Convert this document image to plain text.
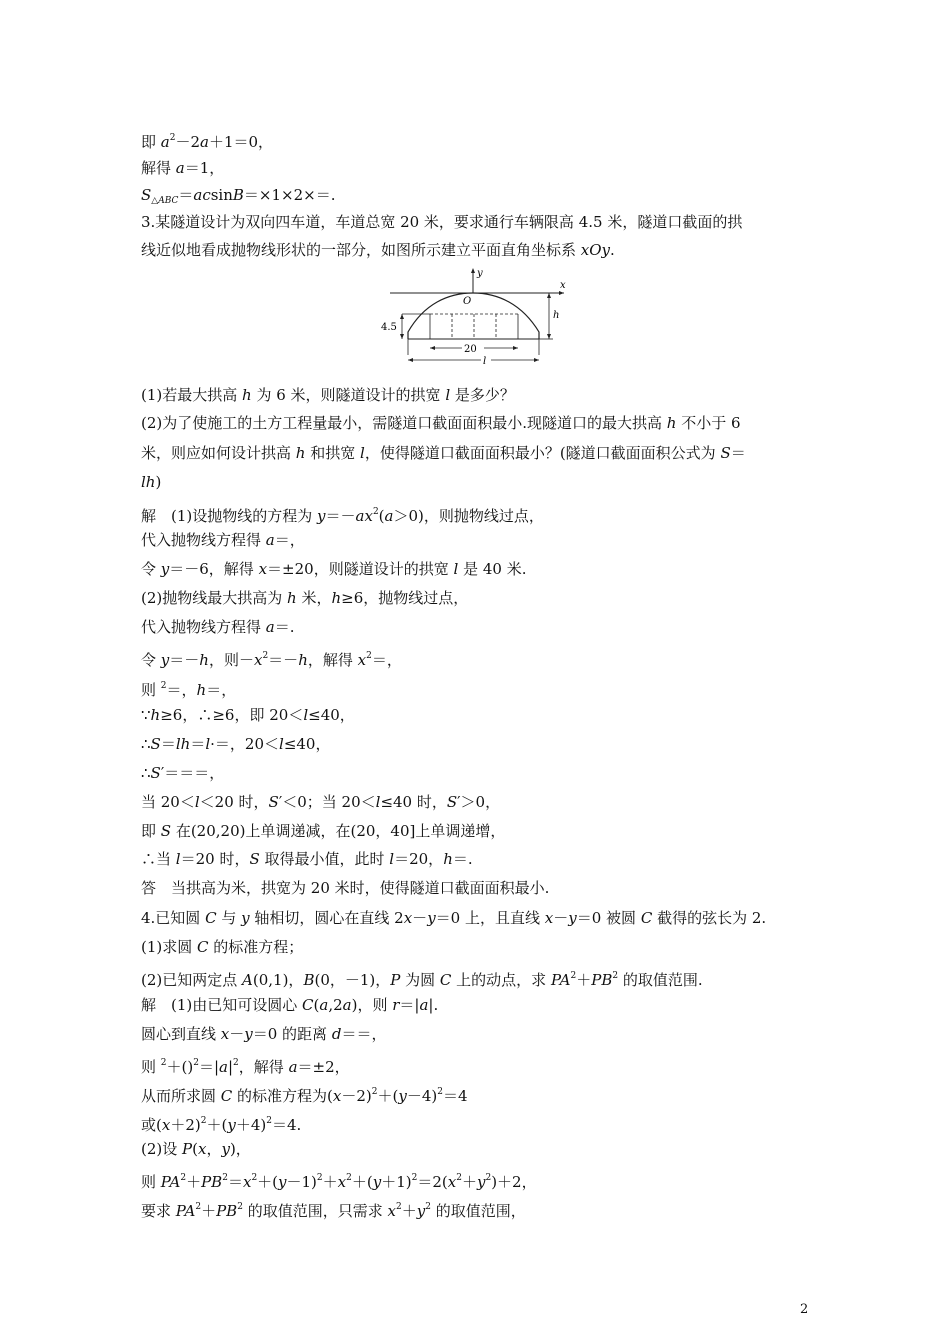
即 $a^2-2a+1=0$，
解得 a＝1，
$S_{\triangle ABC}=acsinB=\times 1\times 2\times=$.
3.某隧道设计为双向四车道，车道总宽 20 米，要求通行车辆限高 4.5 米，隧道口截面的拱
线近似地看成抛物线形状的一部分，如图所示建立平面直角坐标系 xOy.
y
x
O
4.5
h
20
l
(1)若最大拱高 h 为 6 米，则隧道设计的拱宽 l 是多少？
(2)为了使施工的土方工程量最小，需隧道口截面面积最小.现隧道口的最大拱高 h 不小于 6
米，则应如何设计拱高 h 和拱宽 l，使得隧道口截面面积最小？(隧道口截面面积公式为 S＝
lh)
解　(1)设抛物线的方程为 $y=-ax^2(a>0)$，则抛物线过点，
代入抛物线方程得 a＝，
令 y＝－6，解得 x＝±20，则隧道设计的拱宽 l 是 40 米.
(2)抛物线最大拱高为 h 米，h≥6，抛物线过点，
代入抛物线方程得 a＝.
令 y＝－h，则$-x^2=-h$，解得 $x^2=$，
则 $^2$＝，h＝，
∵h≥6，∴≥6，即 20＜l≤40，
∴S＝lh＝l·＝，20＜l≤40，
∴S′＝＝＝，
当 20＜l＜20 时，S′＜0；当 20＜l≤40 时，S′＞0，
即 S 在(20,20)上单调递减，在(20，40]上单调递增，
∴当 l＝20 时，S 取得最小值，此时 l＝20，h＝.
答　当拱高为米，拱宽为 20 米时，使得隧道口截面面积最小.
4.已知圆 C 与 y 轴相切，圆心在直线 2x－y＝0 上，且直线 x－y＝0 被圆 C 截得的弦长为 2.
(1)求圆 C 的标准方程；
(2)已知两定点 A(0,1)，B(0，－1)，P 为圆 C 上的动点，求 $PA^2+PB^2$ 的取值范围.
解　(1)由已知可设圆心 C(a,2a)，则 r＝|a|.
圆心到直线 x－y＝0 的距离 d＝＝，
则 $^2+()^2=|a|^2$，解得 a＝±2，
从而所求圆 C 的标准方程为$(x-2)^2+(y-4)^2=4$
或$(x+2)^2+(y+4)^2=4$.
(2)设 P(x，y)，
则 $PA^2+PB^2=x^2+(y-1)^2+x^2+(y+1)^2=2(x^2+y^2)+2$，
要求 $PA^2+PB^2$ 的取值范围，只需求 $x^2+y^2$ 的取值范围，
2
